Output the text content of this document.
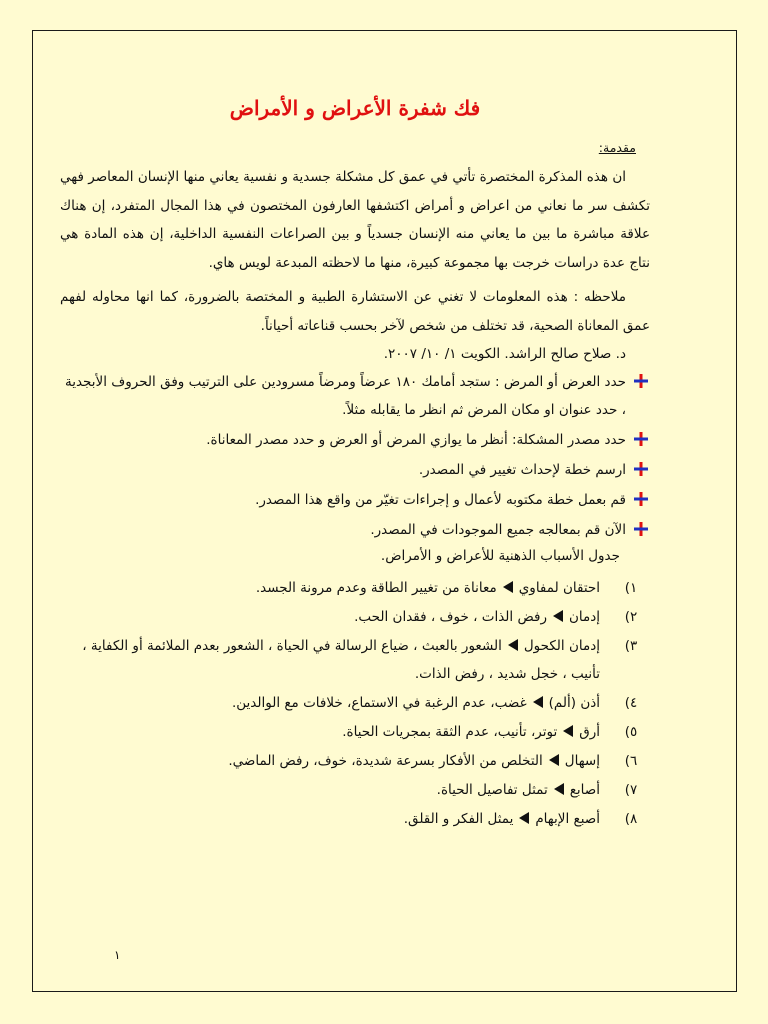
فك شفرة الأعراض و الأمراض
مقدمة:

ان هذه المذكرة المختصرة تأتي في عمق كل مشكلة جسدية و نفسية يعاني منها الإنسان المعاصر فهي تكشف سر ما نعاني من اعراض و أمراض اكتشفها العارفون المختصون في هذا المجال المتفرد، إن هناك علاقة مباشرة ما بين ما يعاني منه الإنسان جسدياً و بين الصراعات النفسية الداخلية، إن هذه المادة هي نتاج عدة دراسات خرجت بها مجموعة كبيرة، منها ما لاحظته المبدعة لويس هاي.

ملاحظه : هذه المعلومات لا تغني عن الاستشارة الطبية و المختصة بالضرورة، كما انها محاوله لفهم عمق المعاناة الصحية، قد تختلف من شخص لآخر بحسب قناعاته أحياناً.

د. صلاح صالح الراشد. الكويت ١/ ١٠/ ٢٠٠٧.
حدد العرض أو المرض : ستجد أمامك ١٨٠ عرضاً ومرضاً مسرودين على الترتيب وفق الحروف الأبجدية ، حدد عنوان او مكان المرض ثم انظر ما يقابله مثلاً.
حدد مصدر المشكلة: أنظر ما يوازي المرض أو العرض و حدد مصدر المعاناة.
ارسم خطة لإحداث تغيير في المصدر.
قم بعمل خطة مكتوبه لأعمال و إجراءات تغيّر من واقع هذا المصدر.
الآن قم بمعالجه جميع الموجودات في المصدر.
جدول الأسباب الذهنية للأعراض و الأمراض.
١)
احتقان لمفاويمعاناة من تغيير الطاقة وعدم مرونة الجسد.
٢)
إدمانرفض الذات ، خوف ، فقدان الحب.
٣)
إدمان الكحولالشعور بالعبث ، ضياع الرسالة في الحياة ، الشعور بعدم الملائمة أو الكفاية ، تأنيب ، خجل شديد ، رفض الذات.
٤)
أذن (ألم)غضب، عدم الرغبة في الاستماع، خلافات مع الوالدين.
٥)
أرقتوتر، تأنيب، عدم الثقة بمجريات الحياة.
٦)
إسهالالتخلص من الأفكار بسرعة شديدة، خوف، رفض الماضي.
٧)
أصابعتمثل تفاصيل الحياة.
٨)
أصبع الإبهاميمثل الفكر و القلق.
١
